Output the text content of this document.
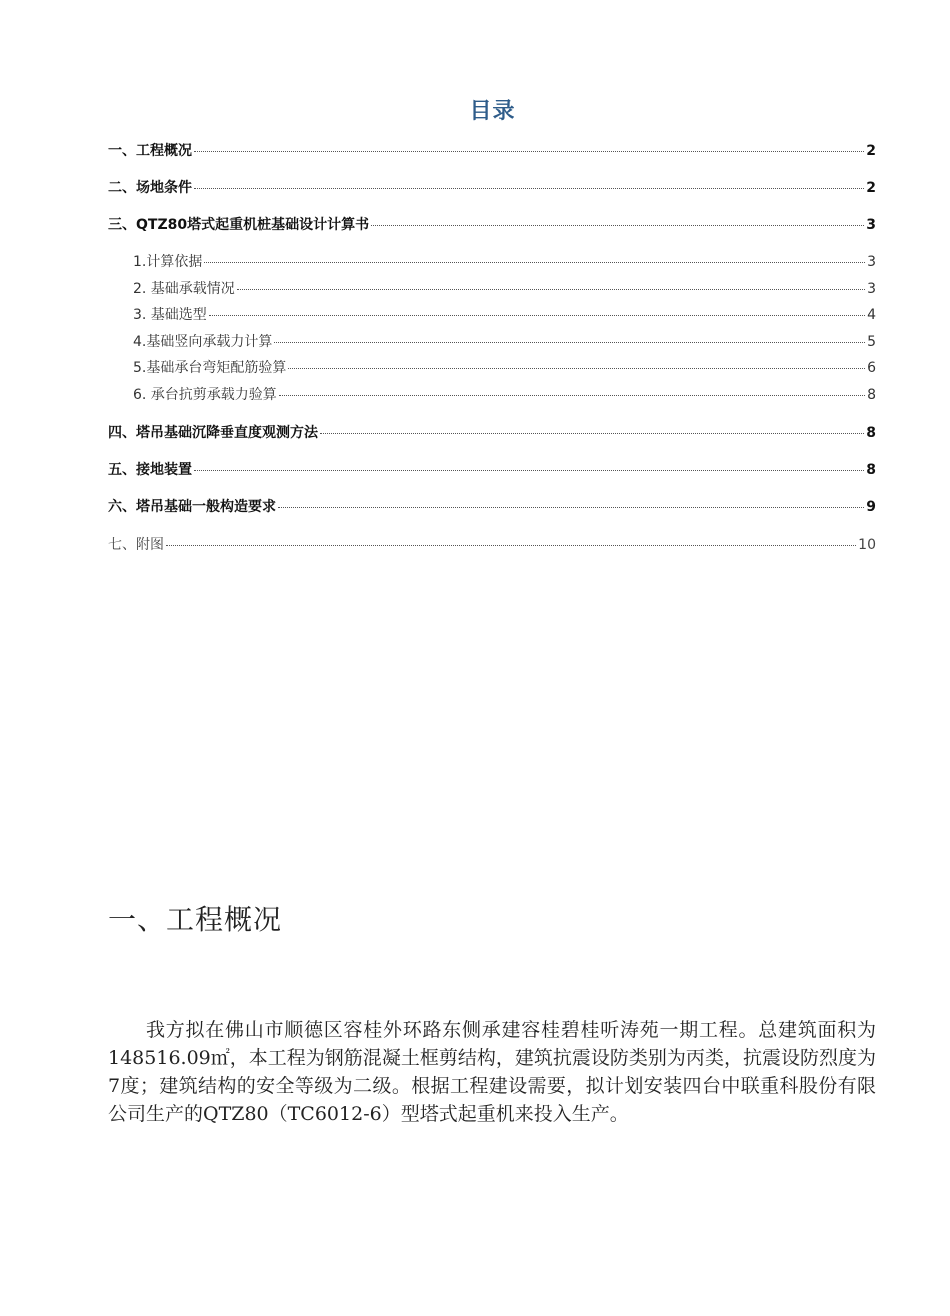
目录
一、工程概况	2
二、场地条件	2
三、QTZ80塔式起重机桩基础设计计算书	3
1.计算依据	3
2. 基础承载情况	3
3. 基础选型	4
4.基础竖向承载力计算	5
5.基础承台弯矩配筋验算	6
6. 承台抗剪承载力验算	8
四、塔吊基础沉降垂直度观测方法	8
五、接地装置	8
六、塔吊基础一般构造要求	9
七、附图	10
一、工程概况
我方拟在佛山市顺德区容桂外环路东侧承建容桂碧桂听涛苑一期工程。总建筑面积为148516.09㎡，本工程为钢筋混凝土框剪结构，建筑抗震设防类别为丙类，抗震设防烈度为7度；建筑结构的安全等级为二级。根据工程建设需要，拟计划安装四台中联重科股份有限公司生产的QTZ80（TC6012-6）型塔式起重机来投入生产。
